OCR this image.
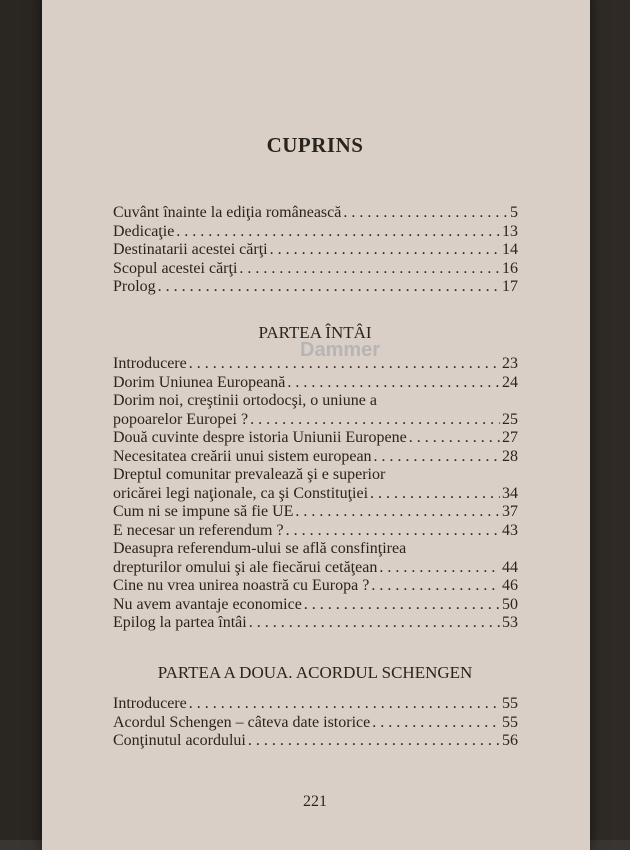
CUPRINS
Cuvânt înainte la ediţia românească . . .	5
Dedicaţie . . .	13
Destinatarii acestei cărţi . . .	14
Scopul acestei cărţi . . .	16
Prolog . . .	17
PARTEA ÎNTÂI
Introducere . . .	23
Dorim Uniunea Europeană . . .	24
Dorim noi, creştinii ortodocşi, o uniune a
popoarelor Europei ? . . .	25
Două cuvinte despre istoria Uniunii Europene . . .	27
Necesitatea creării unui sistem european . . .	28
Dreptul comunitar prevalează şi e superior
oricărei legi naţionale, ca şi Constituţiei . . .	34
Cum ni se impune să fie UE . . .	37
E necesar un referendum ? . . .	43
Deasupra referendum-ului se află consfinţirea
drepturilor omului şi ale fiecărui cetăţean . . .	44
Cine nu vrea unirea noastră cu Europa ? . . .	46
Nu avem avantaje economice . . .	50
Epilog la partea întâi . . .	53
Dammer
PARTEA A DOUA. ACORDUL SCHENGEN
Introducere . . .	55
Acordul Schengen – câteva date istorice . . .	55
Conţinutul acordului . . .	56
221
